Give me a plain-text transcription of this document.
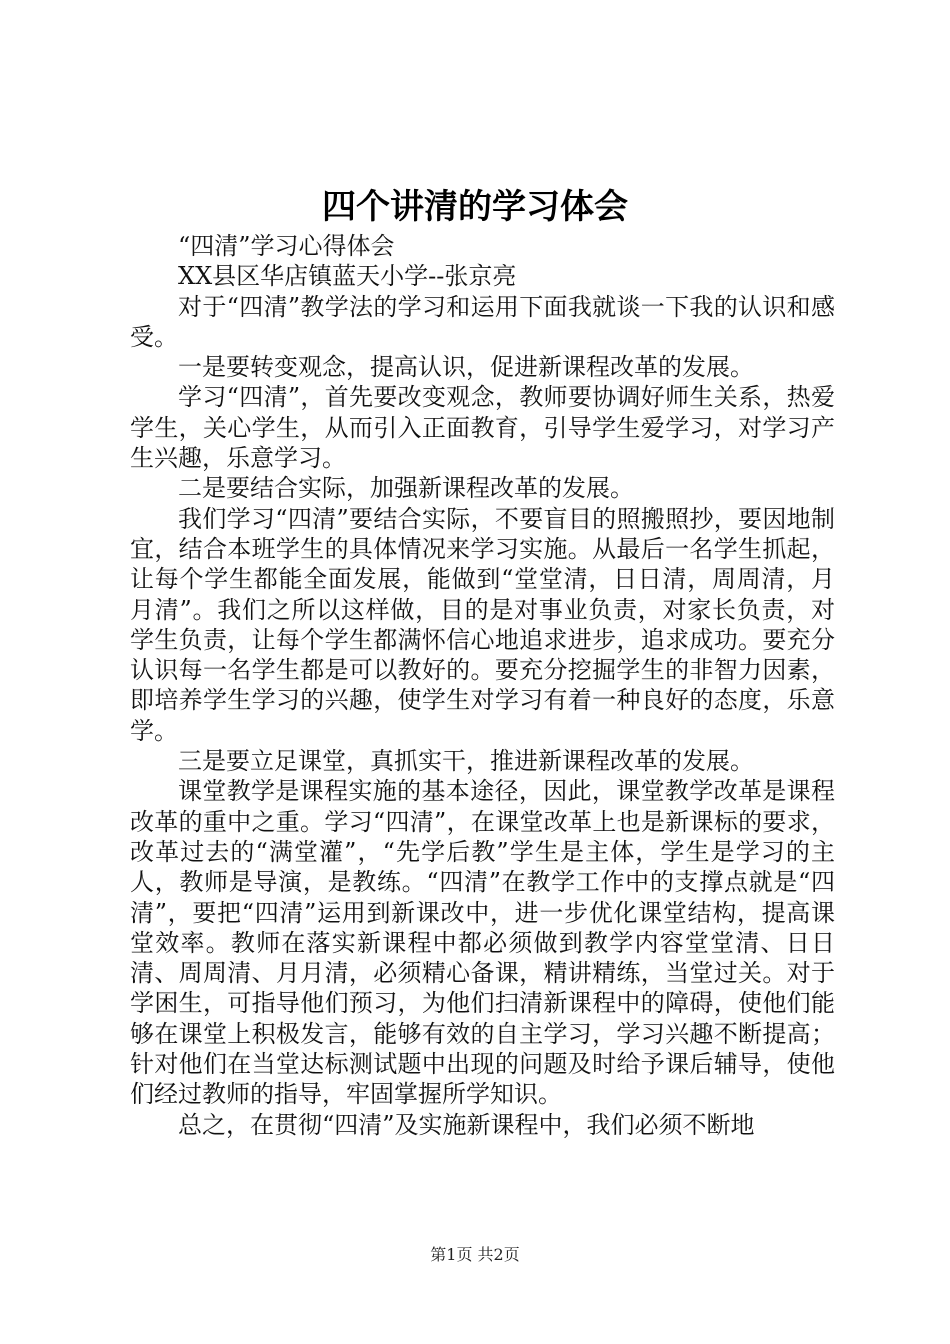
四个讲清的学习体会

“四清”学习心得体会

XX县区华店镇蓝天小学--张京亮

对于“四清”教学法的学习和运用下面我就谈一下我的认识和感受。

一是要转变观念，提高认识，促进新课程改革的发展。

学习“四清”，首先要改变观念，教师要协调好师生关系，热爱学生，关心学生，从而引入正面教育，引导学生爱学习，对学习产生兴趣，乐意学习。

二是要结合实际，加强新课程改革的发展。

我们学习“四清”要结合实际，不要盲目的照搬照抄，要因地制宜，结合本班学生的具体情况来学习实施。从最后一名学生抓起，让每个学生都能全面发展，能做到“堂堂清，日日清，周周清，月月清”。我们之所以这样做，目的是对事业负责，对家长负责，对学生负责，让每个学生都满怀信心地追求进步，追求成功。要充分认识每一名学生都是可以教好的。要充分挖掘学生的非智力因素，即培养学生学习的兴趣，使学生对学习有着一种良好的态度，乐意学。

三是要立足课堂，真抓实干，推进新课程改革的发展。

课堂教学是课程实施的基本途径，因此，课堂教学改革是课程改革的重中之重。学习“四清”，在课堂改革上也是新课标的要求，改革过去的“满堂灌”，“先学后教”学生是主体，学生是学习的主人，教师是导演，是教练。“四清”在教学工作中的支撑点就是“四清”，要把“四清”运用到新课改中，进一步优化课堂结构，提高课堂效率。教师在落实新课程中都必须做到教学内容堂堂清、日日清、周周清、月月清，必须精心备课，精讲精练，当堂过关。对于学困生，可指导他们预习，为他们扫清新课程中的障碍，使他们能够在课堂上积极发言，能够有效的自主学习，学习兴趣不断提高；针对他们在当堂达标测试题中出现的问题及时给予课后辅导，使他们经过教师的指导，牢固掌握所学知识。

总之，在贯彻“四清”及实施新课程中，我们必须不断地

第1页 共2页
